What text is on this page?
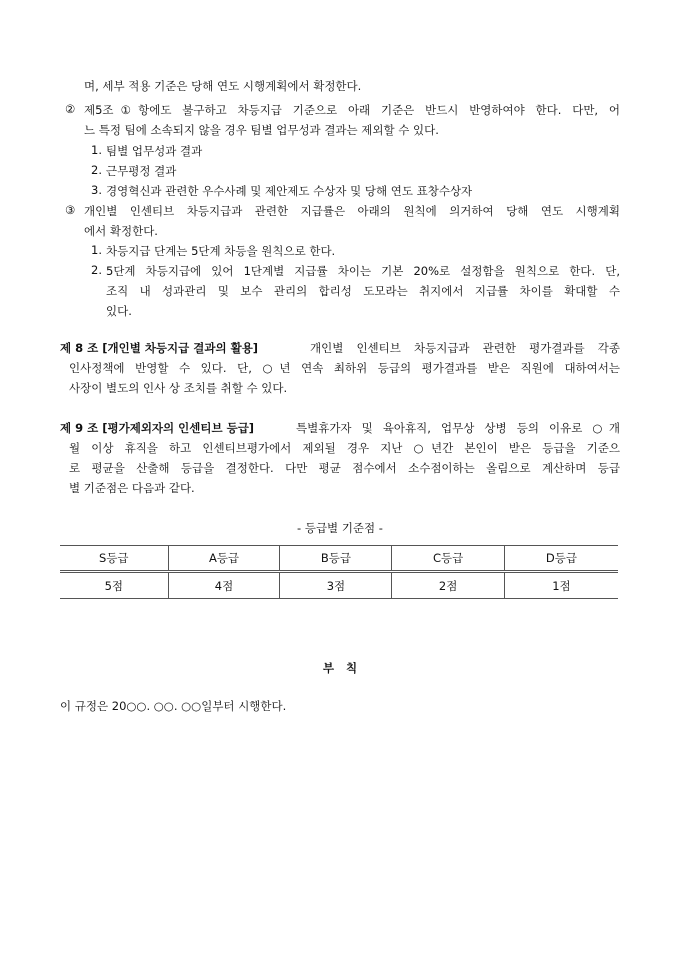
며, 세부 적용 기준은 당해 연도 시행계획에서 확정한다.
② 제5조①항에도 불구하고 차등지급 기준으로 아래 기준은 반드시 반영하여야 한다. 다만, 어
느 특정 팀에 소속되지 않을 경우 팀별 업무성과 결과는 제외할 수 있다.
1. 팀별 업무성과 결과
2. 근무평정 결과
3. 경영혁신과 관련한 우수사례 및 제안제도 수상자 및 당해 연도 표창수상자
③ 개인별 인센티브 차등지급과 관련한 지급률은 아래의 원칙에 의거하여 당해 연도 시행계획
에서 확정한다.
1. 차등지급 단계는 5단계 차등을 원칙으로 한다.
2. 5단계 차등지급에 있어 1단계별 지급률 차이는 기본 20%로 설정함을 원칙으로 한다. 단,
조직 내 성과관리 및 보수 관리의 합리성 도모라는 취지에서 지급률 차이를 확대할 수
있다.
제 8 조 [개인별 차등지급 결과의 활용]	개인별 인센티브 차등지급과 관련한 평가결과를 각종
인사정책에 반영할 수 있다. 단, ○년 연속 최하위 등급의 평가결과를 받은 직원에 대하여서는
사장이 별도의 인사 상 조치를 취할 수 있다.
제 9 조 [평가제외자의 인센티브 등급]	특별휴가자 및 육아휴직, 업무상 상병 등의 이유로 ○개
월 이상 휴직을 하고 인센티브평가에서 제외될 경우 지난 ○년간 본인이 받은 등급을 기준으
로 평균을 산출해 등급을 결정한다. 다만 평균 점수에서 소수점이하는 올림으로 계산하며 등급
별 기준점은 다음과 같다.
- 등급별 기준점 -
S등급	A등급	B등급	C등급	D등급
5점	4점	3점	2점	1점
부   칙
이 규정은 20○○. ○○. ○○일부터 시행한다.
